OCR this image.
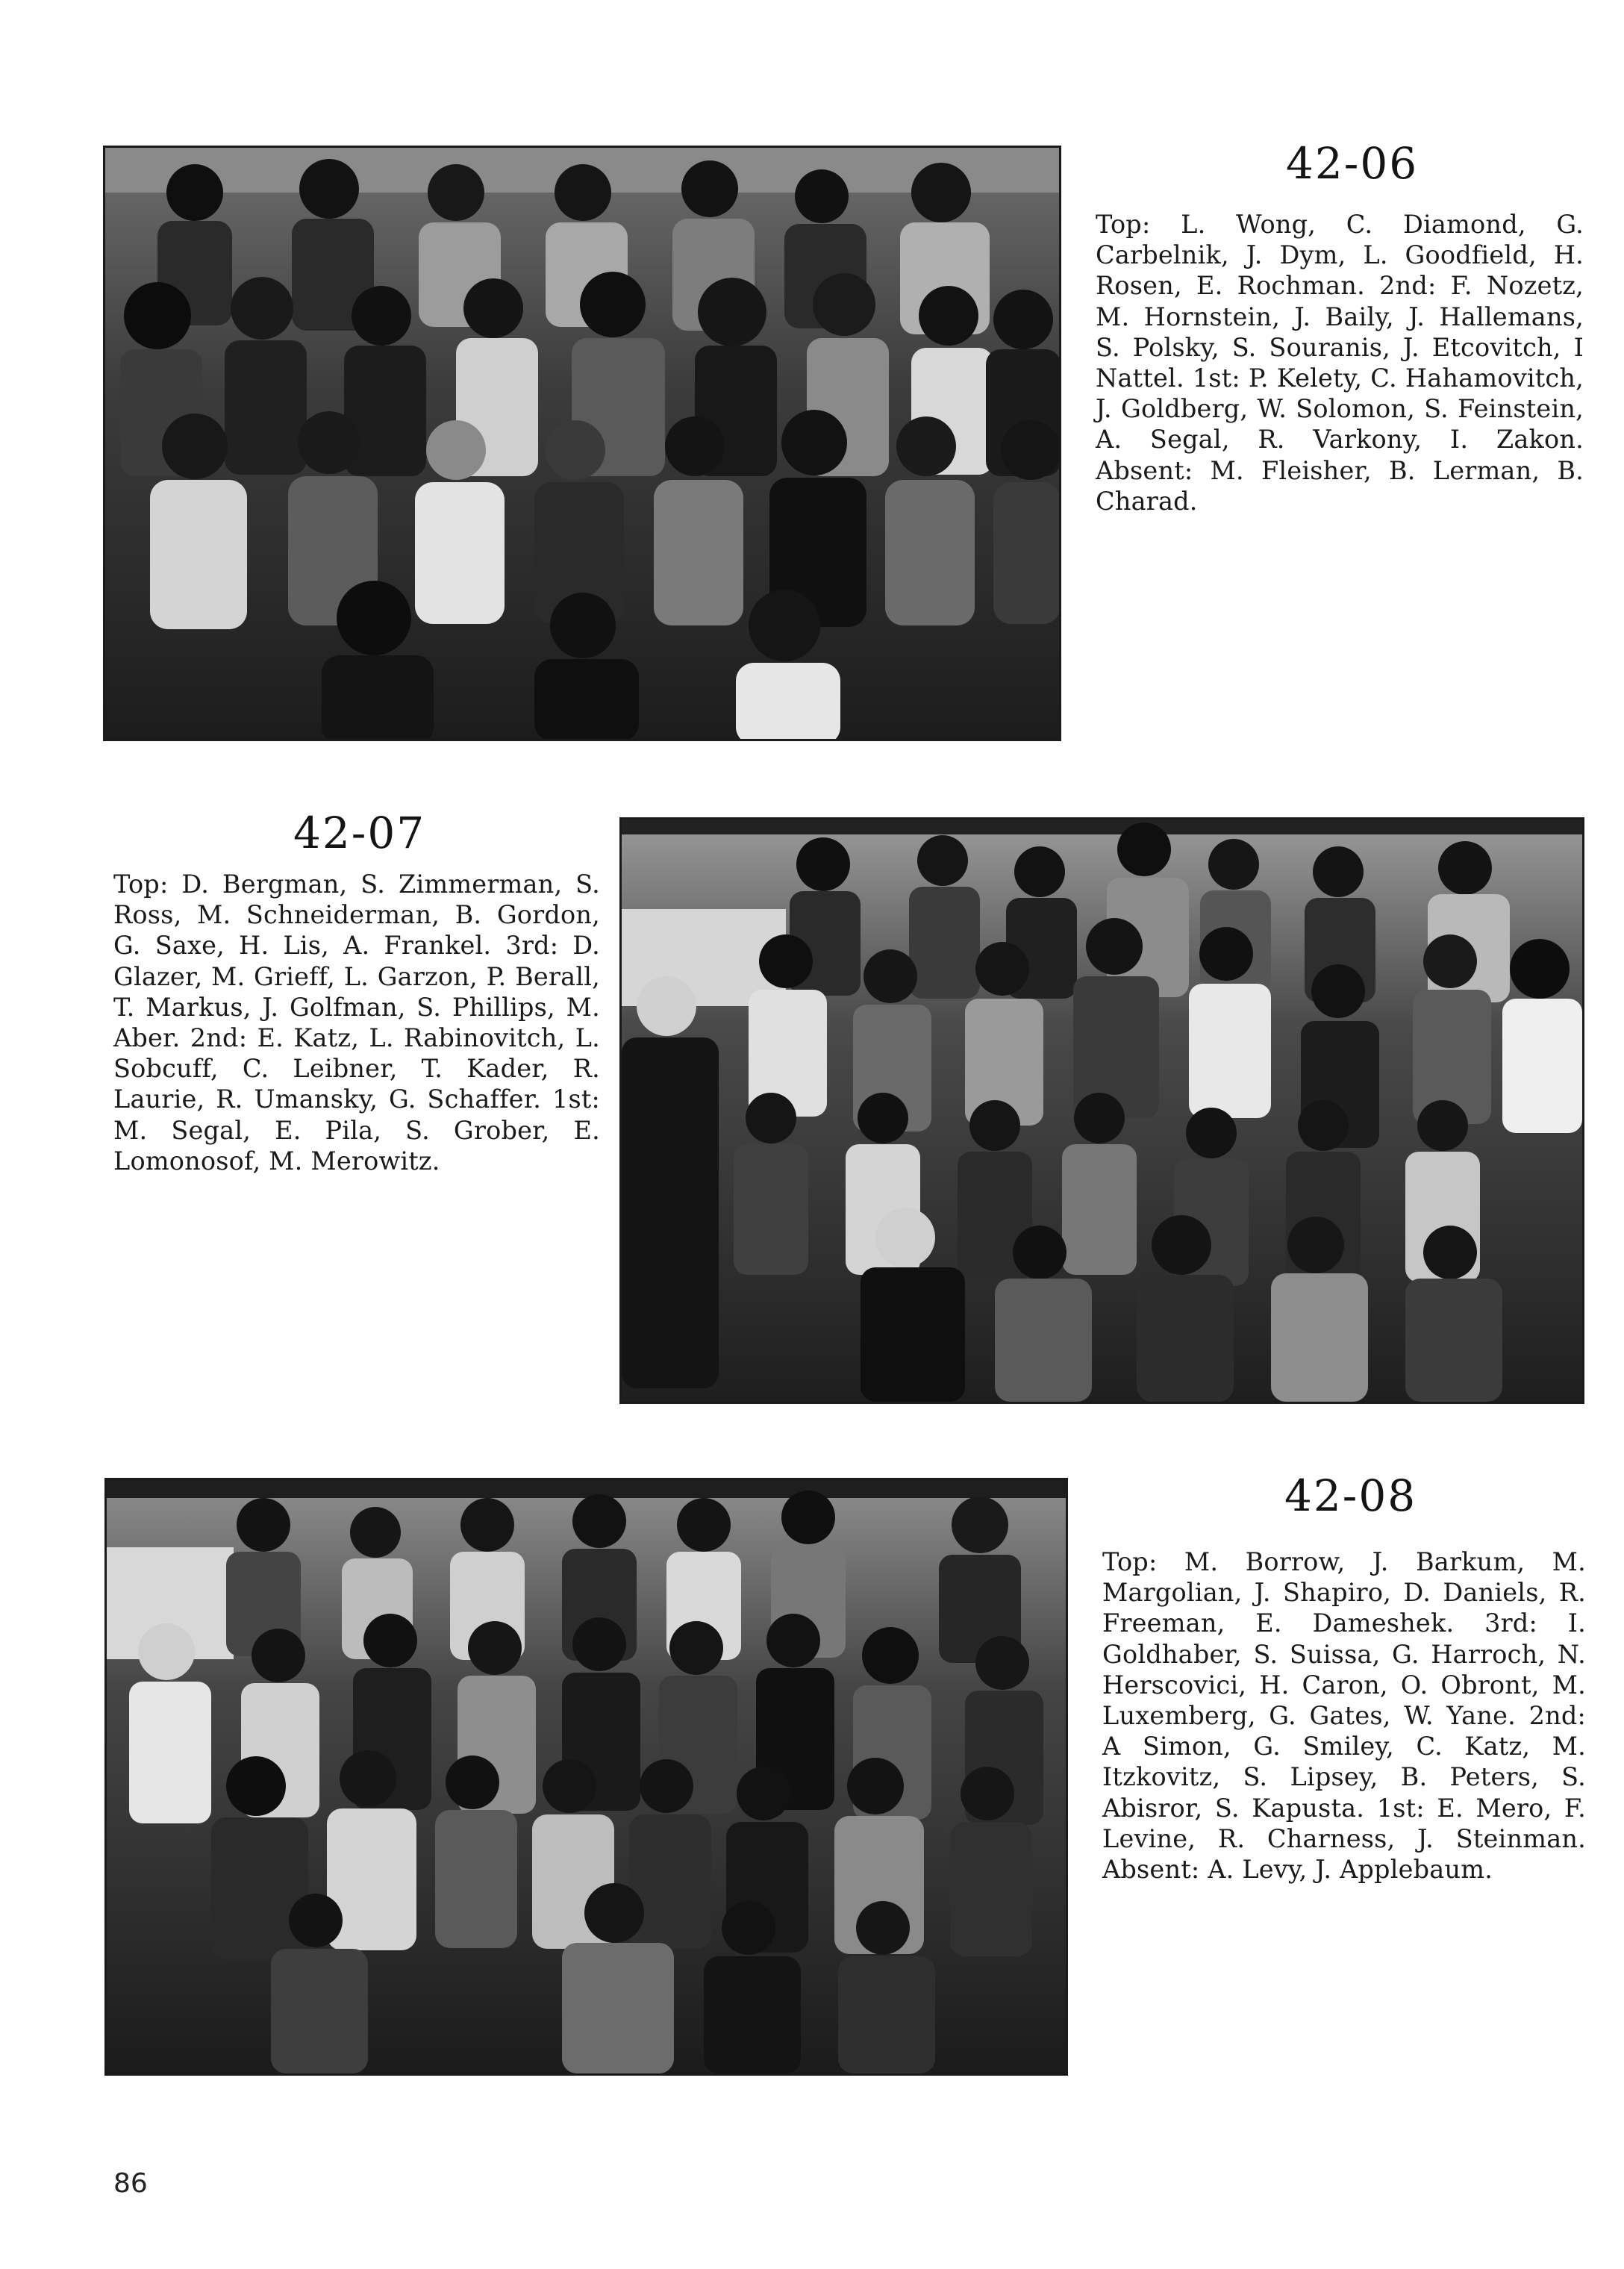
42-06

Top: L. Wong, C. Diamond, G. Carbelnik, J. Dym, L. Goodfield, H. Rosen, E. Rochman. 2nd: F. Nozetz, M. Hornstein, J. Baily, J. Hallemans, S. Polsky, S. Souranis, J. Etcovitch, I Nattel. 1st: P. Kelety, C. Hahamovitch, J. Goldberg, W. Solomon, S. Feinstein, A. Segal, R. Varkony, I. Zakon. Absent: M. Fleisher, B. Lerman, B. Charad.

42-07

Top: D. Bergman, S. Zimmerman, S. Ross, M. Schneiderman, B. Gordon, G. Saxe, H. Lis, A. Frankel. 3rd: D. Glazer, M. Grieff, L. Garzon, P. Berall, T. Markus, J. Golfman, S. Phillips, M. Aber. 2nd: E. Katz, L. Rabinovitch, L. Sobcuff, C. Leibner, T. Kader, R. Laurie, R. Umansky, G. Schaffer. 1st: M. Segal, E. Pila, S. Grober, E. Lomonosof, M. Merowitz.

42-08

Top: M. Borrow, J. Barkum, M. Margolian, J. Shapiro, D. Daniels, R. Freeman, E. Dameshek. 3rd: I. Goldhaber, S. Suissa, G. Harroch, N. Herscovici, H. Caron, O. Obront, M. Luxemberg, G. Gates, W. Yane. 2nd: A Simon, G. Smiley, C. Katz, M. Itzkovitz, S. Lipsey, B. Peters, S. Abisror, S. Kapusta. 1st: E. Mero, F. Levine, R. Charness, J. Steinman. Absent: A. Levy, J. Applebaum.

86
